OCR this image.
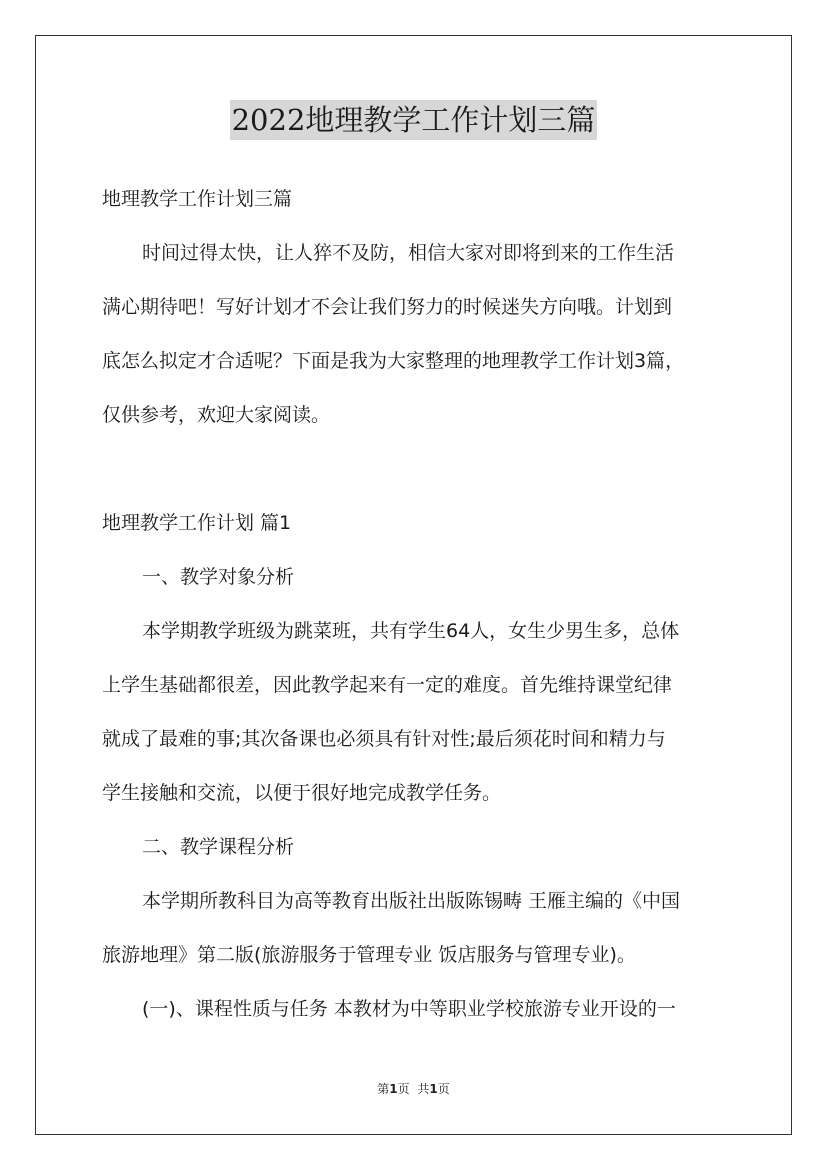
2022地理教学工作计划三篇

地理教学工作计划三篇

时间过得太快，让人猝不及防，相信大家对即将到来的工作生活

满心期待吧！写好计划才不会让我们努力的时候迷失方向哦。计划到

底怎么拟定才合适呢？下面是我为大家整理的地理教学工作计划3篇，

仅供参考，欢迎大家阅读。

地理教学工作计划 篇1

一、教学对象分析

本学期教学班级为跳菜班，共有学生64人，女生少男生多，总体

上学生基础都很差，因此教学起来有一定的难度。首先维持课堂纪律

就成了最难的事;其次备课也必须具有针对性;最后须花时间和精力与

学生接触和交流，以便于很好地完成教学任务。

二、教学课程分析

本学期所教科目为高等教育出版社出版陈锡畴 王雁主编的《中国

旅游地理》第二版(旅游服务于管理专业 饭店服务与管理专业)。

(一)、课程性质与任务 本教材为中等职业学校旅游专业开设的一

第1页 共1页
